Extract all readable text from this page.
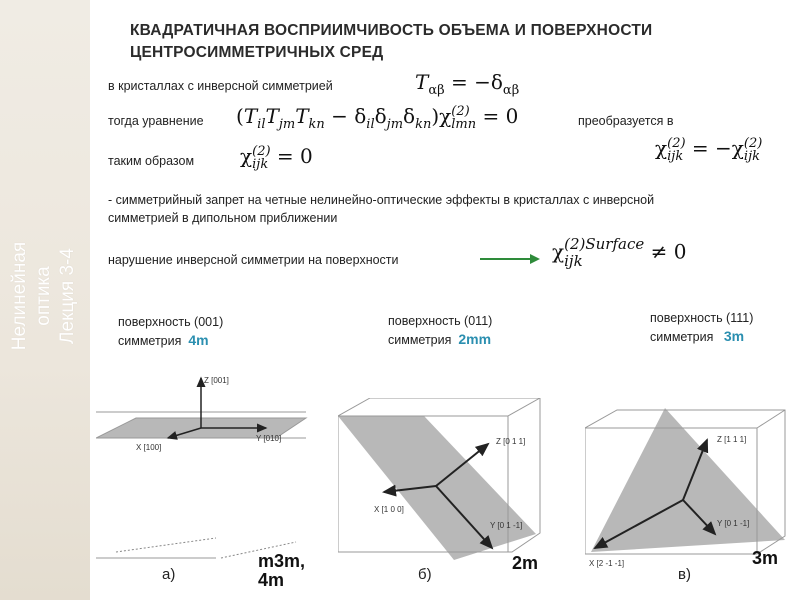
Нелинейная оптика Лекция 3-4
КВАДРАТИЧНАЯ ВОСПРИИМЧИВОСТЬ ОБЪЕМА И ПОВЕРХНОСТИ
ЦЕНТРОСИММЕТРИЧНЫХ СРЕД
в кристаллах с инверсной симметрией	$T_{\alpha\beta} = -\delta_{\alpha\beta}$
тогда уравнение $(T_{il}T_{jm}T_{kn} - \delta_{il}\delta_{jm}\delta_{kn})\chi(2)$
lmn = 0	преобразуется в
χ(2)
ijk = −χ(2)
ijk
таким образом χ(2)
ijk = 0
- симметрийный запрет на четные нелинейно-оптические эффекты в кристаллах с инверсной
симметрией в дипольном приближении
нарушение инверсной симметрии на поверхности	χ(2)Surface
ijk	≠ 0
поверхность (001)
симметрия 4m
поверхность (011)
симметрия 2mm
поверхность (111)
симметрия 3m
Z [001]
Y [010]
X [100]
а)
m3m,
4m
Z [0 1 1]
X [1 0 0]
Y [0 1 -1]
б)
2m
Z [1 1 1]
Y [0 1 -1]
X [2 -1 -1]
в)
3m
